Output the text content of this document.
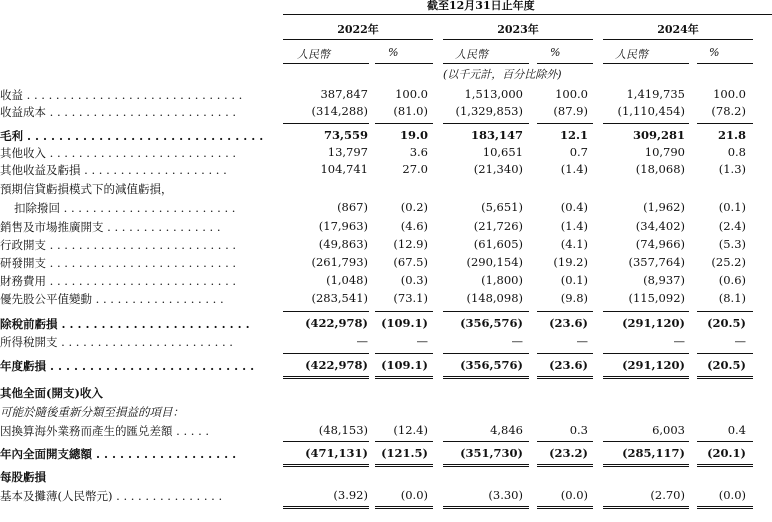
截至12月31日止年度
2022年	2023年	2024年
人民幣	%	人民幣	%	人民幣	%
(以千元計，百分比除外)
收益 . . . . . . . . . . . . . . . . . . . . . . . . . . . . . .	387,847 100.0	1,513,000	100.0	1,419,735 100.0
收益成本 . . . . . . . . . . . . . . . . . . . . . . . . . .	(314,288) (81.0) (1,329,853)	(87.9)	(1,110,454) (78.2)
毛利 . . . . . . . . . . . . . . . . . . . . . . . . . . . . . .	73,559	19.0	183,147	12.1	309,281	21.8
其他收入 . . . . . . . . . . . . . . . . . . . . . . . . . .	13,797	3.6	10,651	0.7	10,790	0.8
其他收益及虧損 . . . . . . . . . . . . . . . . . . . .	104,741	27.0	(21,340)	(1.4)	(18,068)	(1.3)
預期信貸虧損模式下的減值虧損，
扣除撥回 . . . . . . . . . . . . . . . . . . . . . . . .	(867)	(0.2)	(5,651)	(0.4)	(1,962)	(0.1)
銷售及市場推廣開支 . . . . . . . . . . . . . . . .	(17,963)	(4.6)	(21,726)	(1.4)	(34,402)	(2.4)
行政開支 . . . . . . . . . . . . . . . . . . . . . . . . . .	(49,863) (12.9)	(61,605)	(4.1)	(74,966)	(5.3)
研發開支 . . . . . . . . . . . . . . . . . . . . . . . . . .	(261,793) (67.5)	(290,154)	(19.2)	(357,764) (25.2)
財務費用 . . . . . . . . . . . . . . . . . . . . . . . . . .	(1,048)	(0.3)	(1,800)	(0.1)	(8,937)	(0.6)
優先股公平值變動 . . . . . . . . . . . . . . . . . .	(283,541) (73.1)	(148,098)	(9.8)	(115,092)	(8.1)
除稅前虧損 . . . . . . . . . . . . . . . . . . . . . . . .	(422,978) (109.1)	(356,576) (23.6)	(291,120) (20.5)
所得稅開支 . . . . . . . . . . . . . . . . . . . . . . . .	—	—	—	—	—	—
年度虧損 . . . . . . . . . . . . . . . . . . . . . . . . . .	(422,978) (109.1)	(356,576) (23.6)	(291,120) (20.5)
其他全面(開支)收入
可能於隨後重新分類至損益的項目：
因換算海外業務而產生的匯兑差額 . . . . .	(48,153) (12.4)	4,846	0.3	6,003	0.4
年內全面開支總額 . . . . . . . . . . . . . . . . . .	(471,131) (121.5)	(351,730) (23.2)	(285,117) (20.1)
每股虧損
基本及攤薄(人民幣元) . . . . . . . . . . . . . . .	(3.92)	(0.0)	(3.30)	(0.0)	(2.70)	(0.0)
